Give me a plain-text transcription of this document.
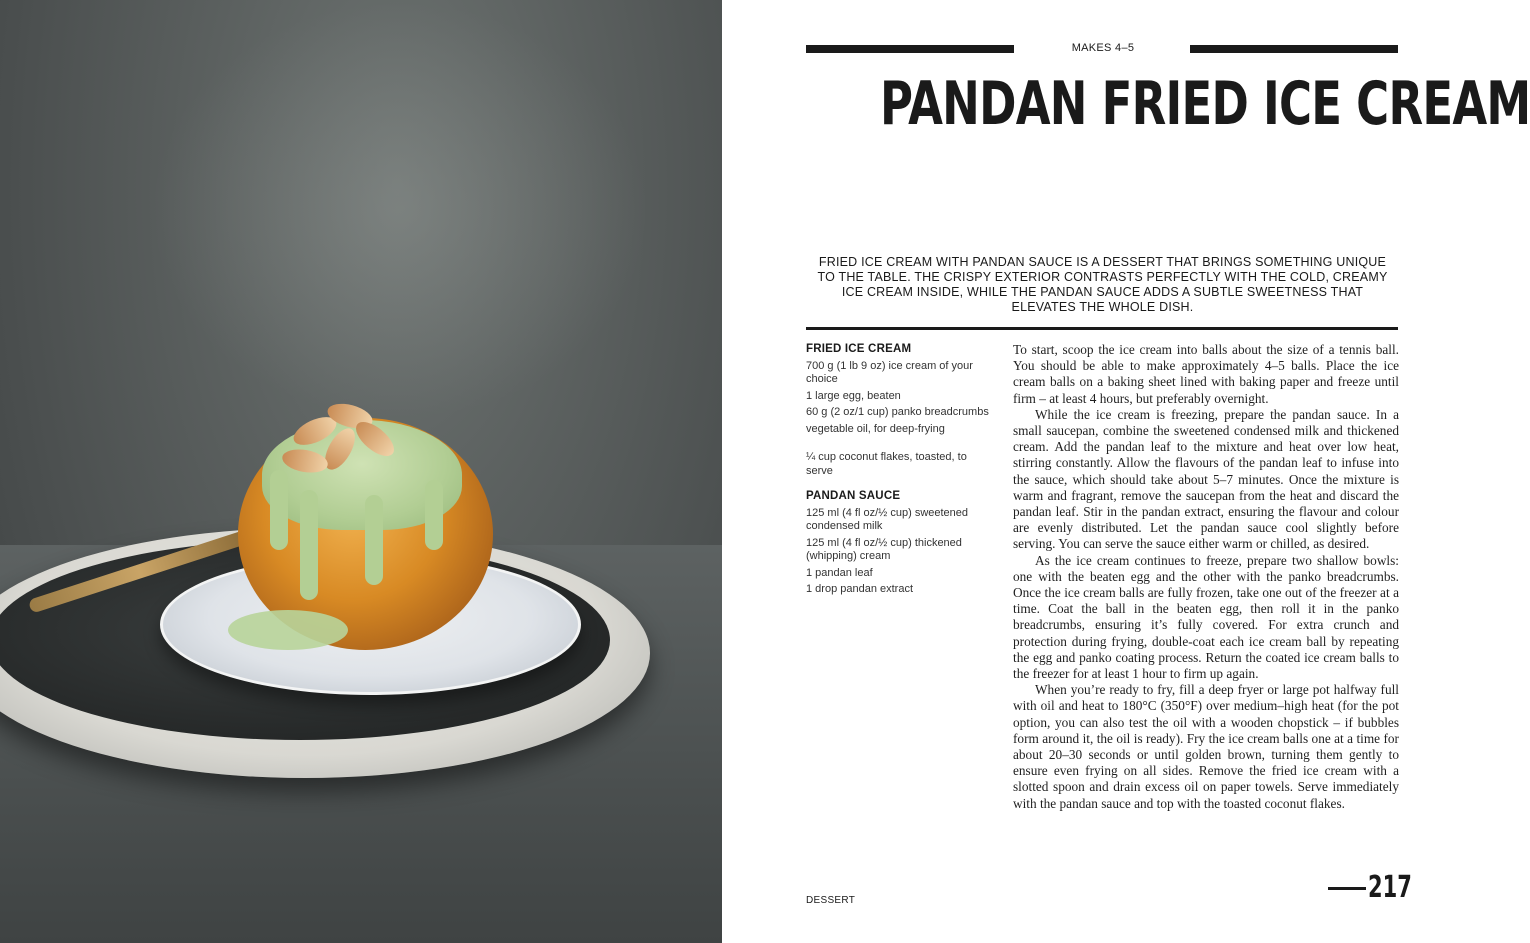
MAKES 4–5
PANDAN FRIED ICE CREAM
FRIED ICE CREAM WITH PANDAN SAUCE IS A DESSERT THAT BRINGS SOMETHING UNIQUE TO THE TABLE. THE CRISPY EXTERIOR CONTRASTS PERFECTLY WITH THE COLD, CREAMY ICE CREAM INSIDE, WHILE THE PANDAN SAUCE ADDS A SUBTLE SWEETNESS THAT ELEVATES THE WHOLE DISH.
FRIED ICE CREAM

700 g (1 lb 9 oz) ice cream of your choice

1 large egg, beaten

60 g (2 oz/1 cup) panko breadcrumbs

vegetable oil, for deep-frying

¼ cup coconut flakes, toasted, to serve

PANDAN SAUCE

125 ml (4 fl oz/½ cup) sweetened condensed milk

125 ml (4 fl oz/½ cup) thickened (whipping) cream

1 pandan leaf

1 drop pandan extract

To start, scoop the ice cream into balls about the size of a tennis ball. You should be able to make approximately 4–5 balls. Place the ice cream balls on a baking sheet lined with baking paper and freeze until firm – at least 4 hours, but preferably overnight.

While the ice cream is freezing, prepare the pandan sauce. In a small saucepan, combine the sweetened condensed milk and thickened cream. Add the pandan leaf to the mixture and heat over low heat, stirring constantly. Allow the flavours of the pandan leaf to infuse into the sauce, which should take about 5–7 minutes. Once the mixture is warm and fragrant, remove the saucepan from the heat and discard the pandan leaf. Stir in the pandan extract, ensuring the flavour and colour are evenly distributed. Let the pandan sauce cool slightly before serving. You can serve the sauce either warm or chilled, as desired.

As the ice cream continues to freeze, prepare two shallow bowls: one with the beaten egg and the other with the panko breadcrumbs. Once the ice cream balls are fully frozen, take one out of the freezer at a time. Coat the ball in the beaten egg, then roll it in the panko breadcrumbs, ensuring it’s fully covered. For extra crunch and protection during frying, double-coat each ice cream ball by repeating the egg and panko coating process. Return the coated ice cream balls to the freezer for at least 1 hour to firm up again.

When you’re ready to fry, fill a deep fryer or large pot halfway full with oil and heat to 180°C (350°F) over medium–high heat (for the pot option, you can also test the oil with a wooden chopstick – if bubbles form around it, the oil is ready). Fry the ice cream balls one at a time for about 20–30 seconds or until golden brown, turning them gently to ensure even frying on all sides. Remove the fried ice cream with a slotted spoon and drain excess oil on paper towels. Serve immediately with the pandan sauce and top with the toasted coconut flakes.

DESSERT	217
